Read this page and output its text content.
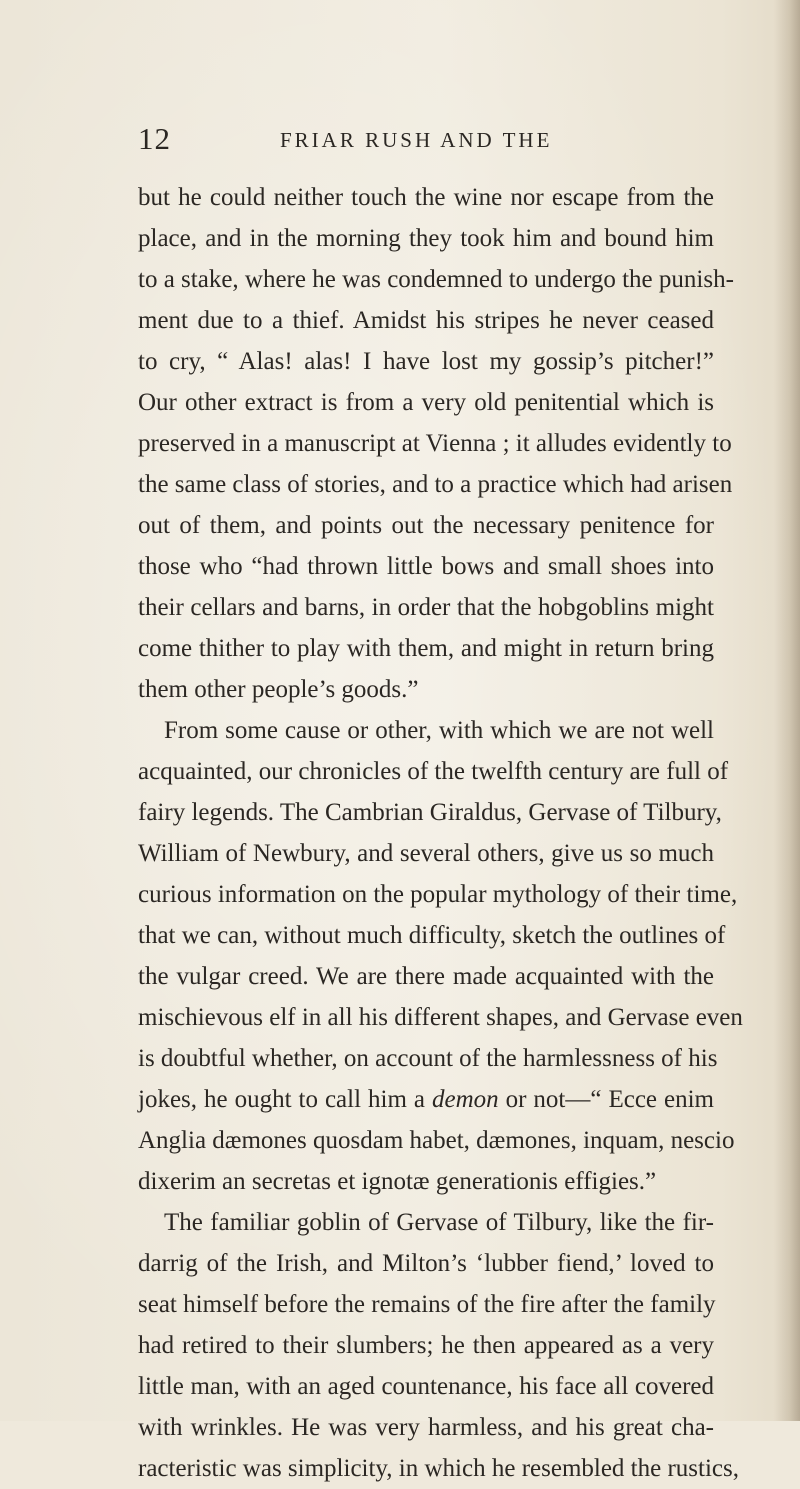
12	FRIAR RUSH AND THE
but he could neither touch the wine nor escape from the
place, and in the morning they took him and bound him
to a stake, where he was condemned to undergo the punish-
ment due to a thief. Amidst his stripes he never ceased
to cry, “ Alas! alas! I have lost my gossip’s pitcher!”
Our other extract is from a very old penitential which is
preserved in a manuscript at Vienna ; it alludes evidently to
the same class of stories, and to a practice which had arisen
out of them, and points out the necessary penitence for
those who “had thrown little bows and small shoes into
their cellars and barns, in order that the hobgoblins might
come thither to play with them, and might in return bring
them other people’s goods.”
From some cause or other, with which we are not well
acquainted, our chronicles of the twelfth century are full of
fairy legends. The Cambrian Giraldus, Gervase of Tilbury,
William of Newbury, and several others, give us so much
curious information on the popular mythology of their time,
that we can, without much difficulty, sketch the outlines of
the vulgar creed. We are there made acquainted with the
mischievous elf in all his different shapes, and Gervase even
is doubtful whether, on account of the harmlessness of his
jokes, he ought to call him a demon or not—“ Ecce enim
Anglia dæmones quosdam habet, dæmones, inquam, nescio
dixerim an secretas et ignotæ generationis effigies.”
The familiar goblin of Gervase of Tilbury, like the fir-
darrig of the Irish, and Milton’s ‘lubber fiend,’ loved to
seat himself before the remains of the fire after the family
had retired to their slumbers; he then appeared as a very
little man, with an aged countenance, his face all covered
with wrinkles. He was very harmless, and his great cha-
racteristic was simplicity, in which he resembled the rustics,
